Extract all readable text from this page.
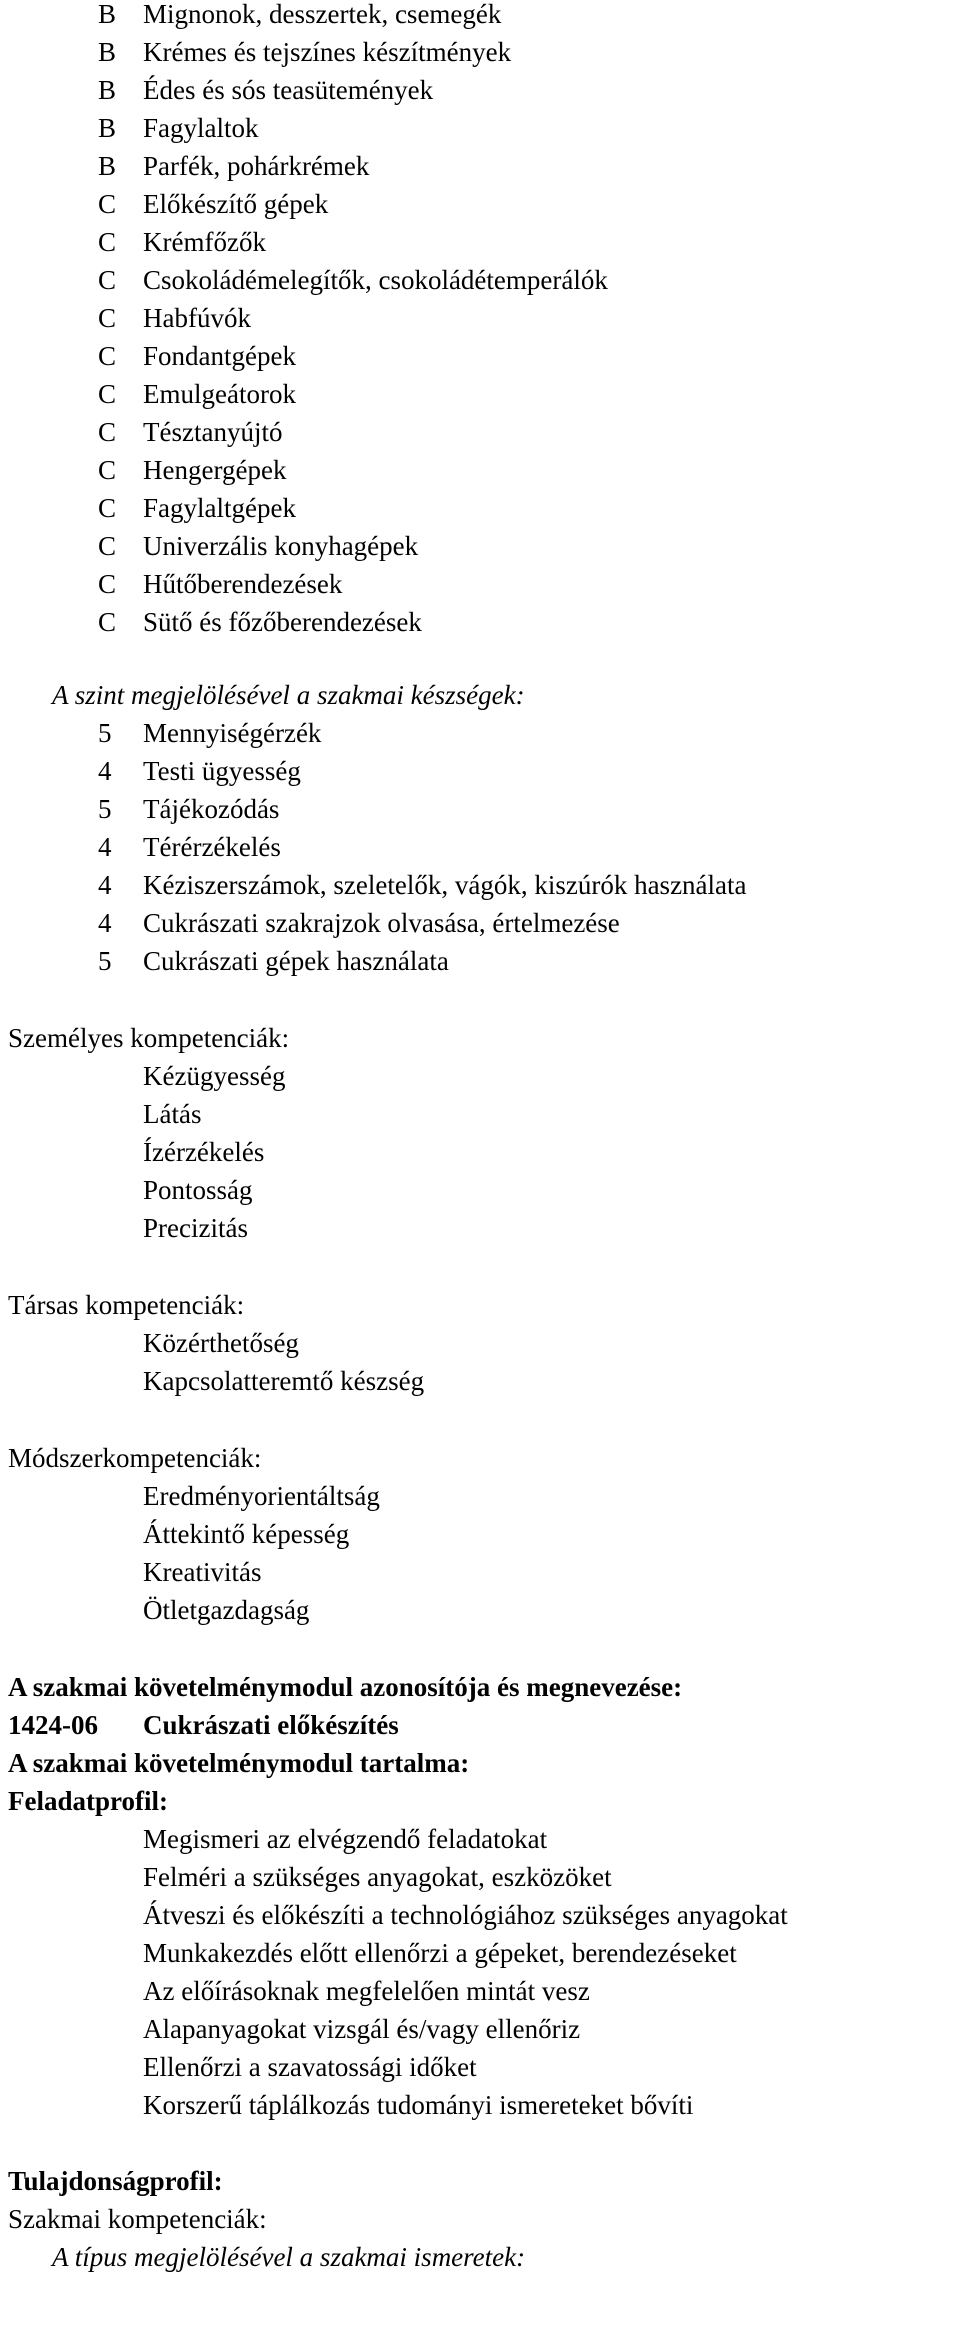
B Mignonok, desszertek, csemegék
B Krémes és tejszínes készítmények
B Édes és sós teasütemények
B Fagylaltok
B Parfék, pohárkrémek
C Előkészítő gépek
C Krémfőzők
C Csokoládémelegítők, csokoládétemperálók
C Habfúvók
C Fondantgépek
C Emulgeátorok
C Tésztanyújtó
C Hengergépek
C Fagylaltgépek
C Univerzális konyhagépek
C Hűtőberendezések
C Sütő és főzőberendezések
A szint megjelölésével a szakmai készségek:
5 Mennyiségérzék
4 Testi ügyesség
5 Tájékozódás
4 Térérzékelés
4 Kéziszerszámok, szeletelők, vágók, kiszúrók használata
4 Cukrászati szakrajzok olvasása, értelmezése
5 Cukrászati gépek használata
Személyes kompetenciák:
Kézügyesség
Látás
Ízérzékelés
Pontosság
Precizitás
Társas kompetenciák:
Közérthetőség
Kapcsolatteremtő készség
Módszerkompetenciák:
Eredményorientáltság
Áttekintő képesség
Kreativitás
Ötletgazdagság
A szakmai követelménymodul azonosítója és megnevezése:
1424-06 Cukrászati előkészítés
A szakmai követelménymodul tartalma:
Feladatprofil:
Megismeri az elvégzendő feladatokat
Felméri a szükséges anyagokat, eszközöket
Átveszi és előkészíti a technológiához szükséges anyagokat
Munkakezdés előtt ellenőrzi a gépeket, berendezéseket
Az előírásoknak megfelelően mintát vesz
Alapanyagokat vizsgál és/vagy ellenőriz
Ellenőrzi a szavatossági időket
Korszerű táplálkozás tudományi ismereteket bővíti
Tulajdonságprofil:
Szakmai kompetenciák:
A típus megjelölésével a szakmai ismeretek:
